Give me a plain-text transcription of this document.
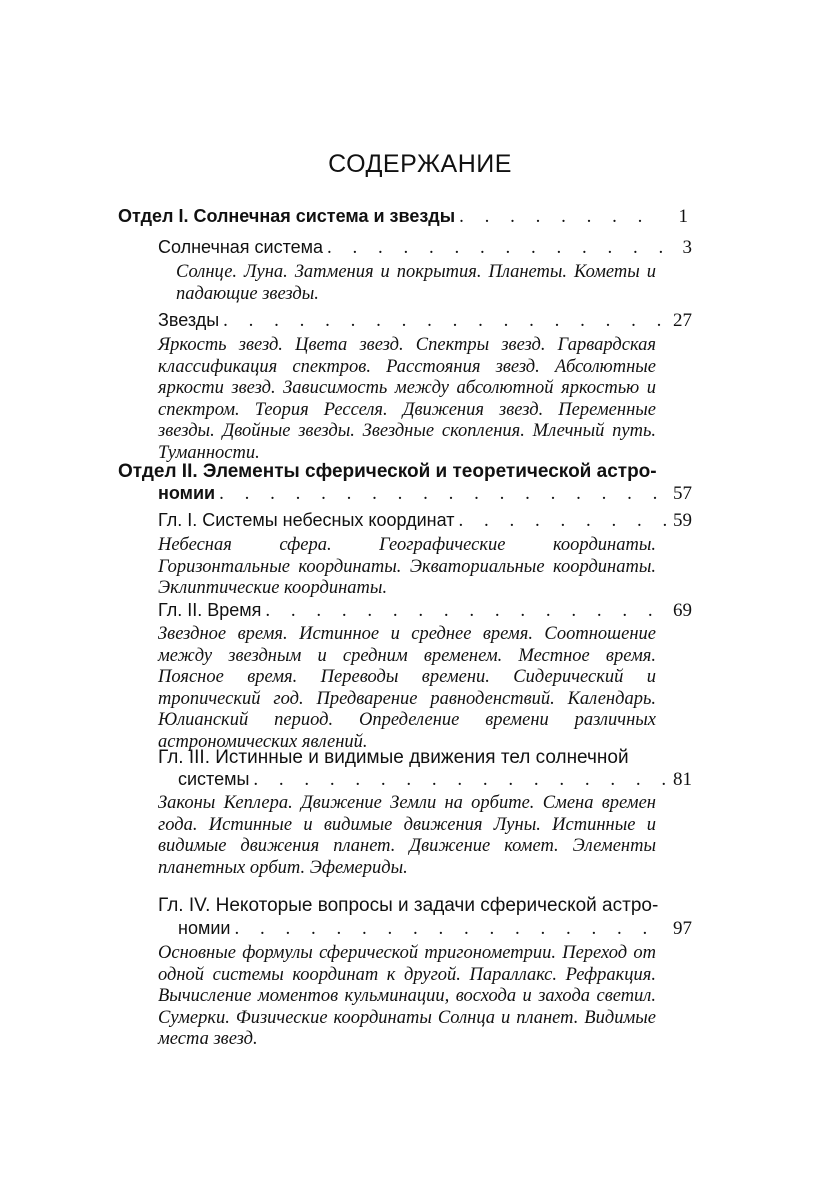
СОДЕРЖАНИЕ
Отдел I. Солнечная система и звезды . . .	1
Солнечная система . . .	3

Солнце. Луна. Затмения и покрытия. Планеты. Кометы и падающие звезды.

Звезды . . .	27

Яркость звезд. Цвета звезд. Спектры звезд. Гарвардская классификация спектров. Расстояния звезд. Абсолютные яркости звезд. Зависимость между абсолютной яркостью и спектром. Теория Ресселя. Движения звезд. Переменные звезды. Двойные звезды. Звездные скопления. Млечный путь. Туманности.

Отдел II. Элементы сферической и теоретической астро-
номии . . .	57
Гл. I. Системы небесных координат . . .	59

Небесная сфера. Географические координаты. Горизонтальные координаты. Экваториальные координаты. Эклиптические координаты.

Гл. II. Время . . .	69

Звездное время. Истинное и среднее время. Соотношение между звездным и средним временем. Местное время. Поясное время. Переводы времени. Сидерический и тропический год. Предварение равноденствий. Календарь. Юлианский период. Определение времени различных астрономических явлений.

Гл. III. Истинные и видимые движения тел солнечной
системы . . .	81

Законы Кеплера. Движение Земли на орбите. Смена времен года. Истинные и видимые движения Луны. Истинные и видимые движения планет. Движение комет. Элементы планетных орбит. Эфемериды.

Гл. IV. Некоторые вопросы и задачи сферической астро-
номии . . .	97

Основные формулы сферической тригонометрии. Переход от одной системы координат к другой. Параллакс. Рефракция. Вычисление моментов кульминации, восхода и захода светил. Сумерки. Физические координаты Солнца и планет. Видимые места звезд.
